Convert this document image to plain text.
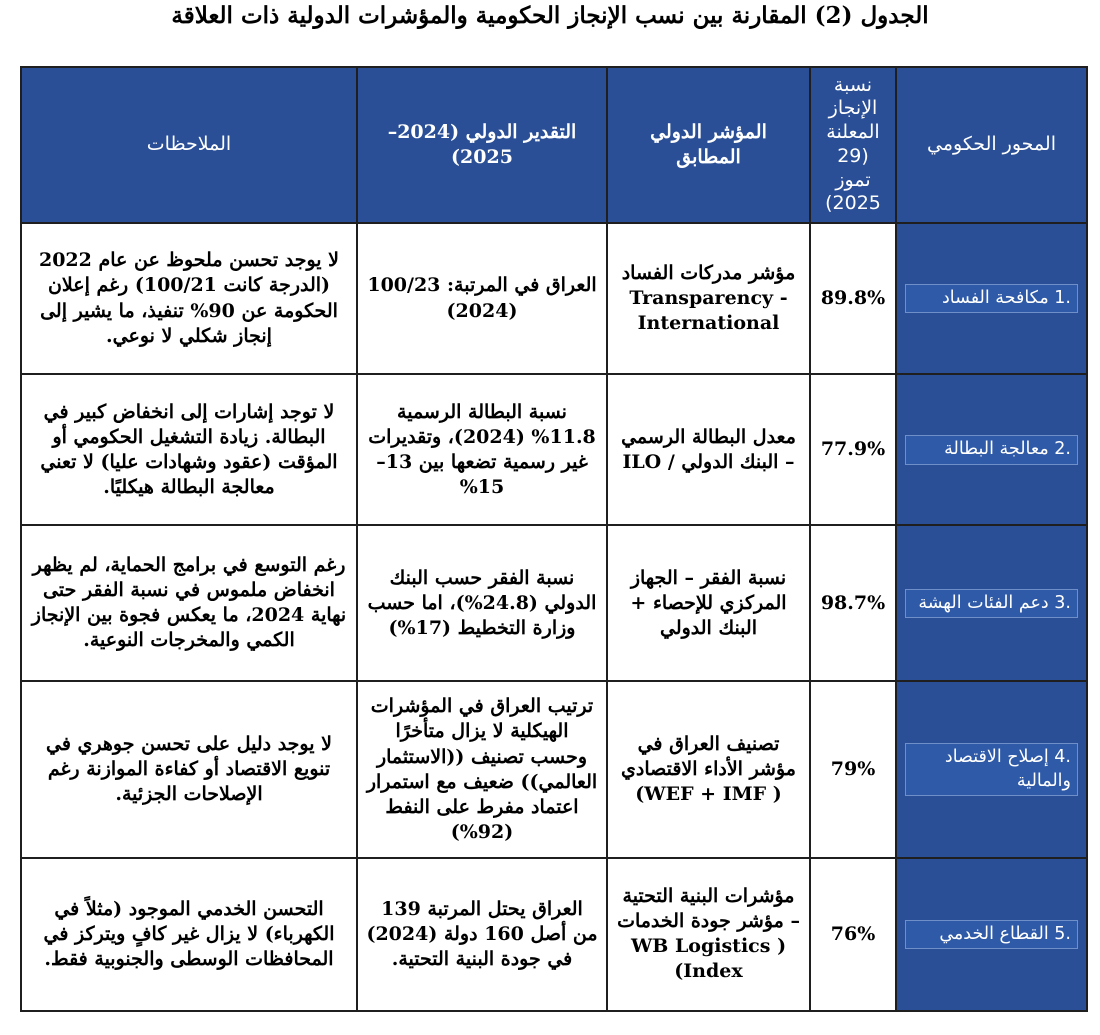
الجدول (2) المقارنة بين نسب الإنجاز الحكومية والمؤشرات الدولية ذات العلاقة
المحور الحكومي	نسبة الإنجاز المعلنة (29 تموز 2025)	المؤشر الدولي المطابق	التقدير الدولي (2024–2025)	الملاحظات

.1 مكافحة الفساد	89.8%	مؤشر مدركات الفساد - Transparency International	العراق في المرتبة: 100/23 (2024)	لا يوجد تحسن ملحوظ عن عام 2022 (الدرجة كانت 100/21) رغم إعلان الحكومة عن 90% تنفيذ، ما يشير إلى إنجاز شكلي لا نوعي.

.2 معالجة البطالة	77.9%	معدل البطالة الرسمي – البنك الدولي / ILO	نسبة البطالة الرسمية 11.8% (2024)، وتقديرات غير رسمية تضعها بين 13–15%	لا توجد إشارات إلى انخفاض كبير في البطالة. زيادة التشغيل الحكومي أو المؤقت (عقود وشهادات عليا) لا تعني معالجة البطالة هيكليًا.

.3 دعم الفئات الهشة	98.7%	نسبة الفقر – الجهاز المركزي للإحصاء + البنك الدولي	نسبة الفقر حسب البنك الدولي (24.8%)، اما حسب وزارة التخطيط (17%)	رغم التوسع في برامج الحماية، لم يظهر انخفاض ملموس في نسبة الفقر حتى نهاية 2024، ما يعكس فجوة بين الإنجاز الكمي والمخرجات النوعية.

.4 إصلاح الاقتصاد والمالية	79%	تصنيف العراق في مؤشر الأداء الاقتصادي ( WEF + IMF)	ترتيب العراق في المؤشرات الهيكلية لا يزال متأخرًا وحسب تصنيف ((الاستثمار العالمي)) ضعيف مع استمرار اعتماد مفرط على النفط (92%)	لا يوجد دليل على تحسن جوهري في تنويع الاقتصاد أو كفاءة الموازنة رغم الإصلاحات الجزئية.

.5 القطاع الخدمي	76%	مؤشرات البنية التحتية – مؤشر جودة الخدمات ( WB Logistics Index)	العراق يحتل المرتبة 139 من أصل 160 دولة (2024) في جودة البنية التحتية.	التحسن الخدمي الموجود (مثلاً في الكهرباء) لا يزال غير كافٍ ويتركز في المحافظات الوسطى والجنوبية فقط.
